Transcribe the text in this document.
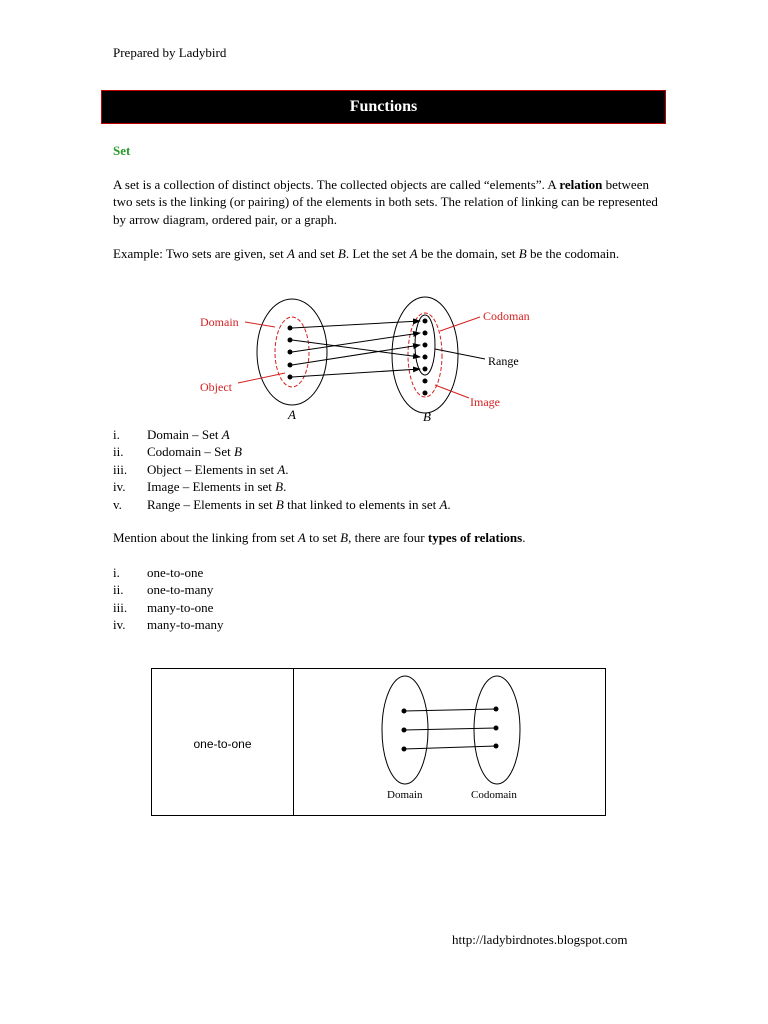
Prepared by Ladybird
Functions
Set
A set is a collection of distinct objects. The collected objects are called “elements”. A relation between two sets is the linking (or pairing) of the elements in both sets. The relation of linking can be represented by arrow diagram, ordered pair, or a graph.
Example: Two sets are given, set A and set B. Let the set A be the domain, set B be the codomain.
Domain
Object
Codoman
Range
Image
A	B
i. Domain – Set A
ii. Codomain – Set B
iii. Object – Elements in set A.
iv. Image – Elements in set B.
v. Range – Elements in set B that linked to elements in set A.
Mention about the linking from set A to set B, there are four types of relations.
i. one-to-one
ii. one-to-many
iii. many-to-one
iv. many-to-many
one-to-one
Domain	Codomain
http://ladybirdnotes.blogspot.com
